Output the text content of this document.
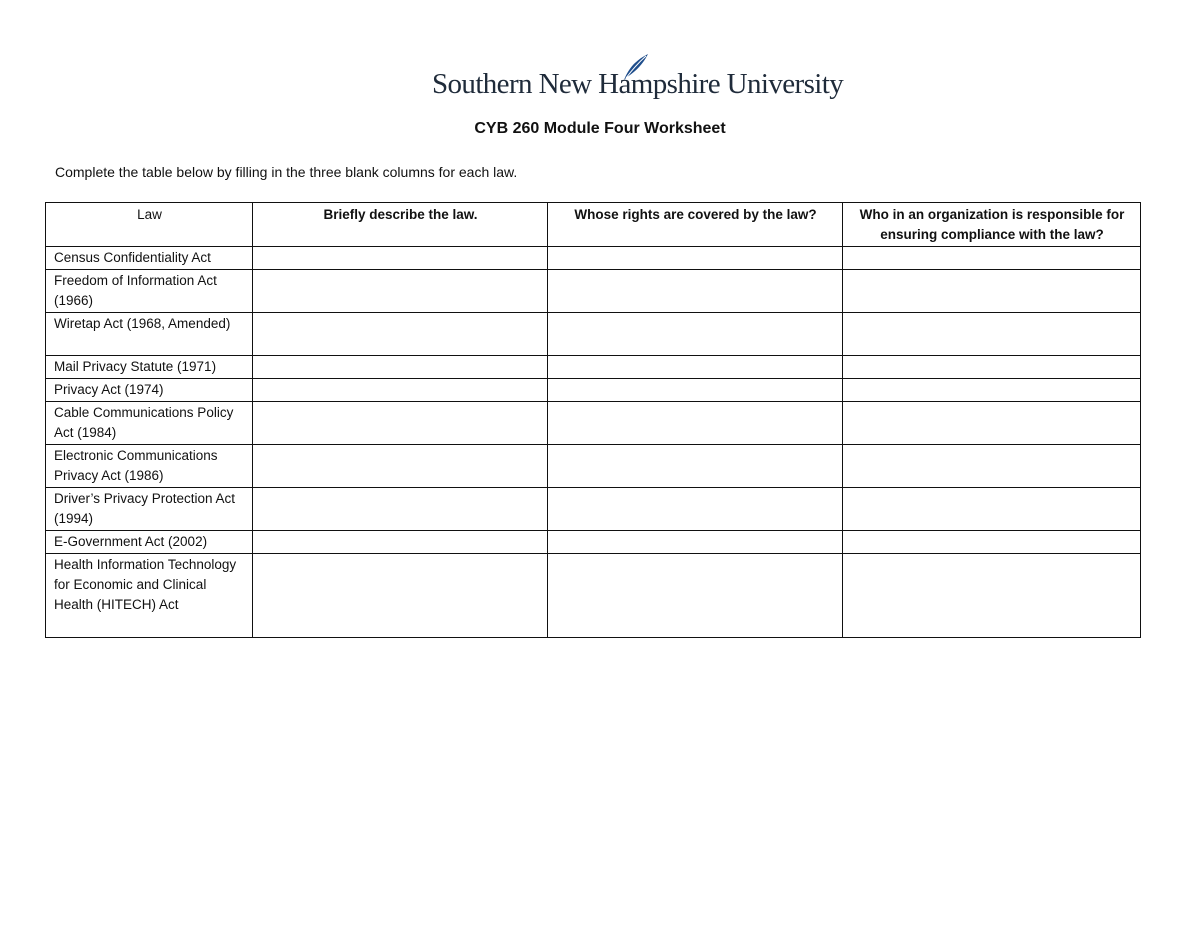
Southern New Hampshire University
CYB 260 Module Four Worksheet
Complete the table below by filling in the three blank columns for each law.
Law	Briefly describe the law.	Whose rights are covered by the law?	Who in an organization is responsible for ensuring compliance with the law?
Census Confidentiality Act			
Freedom of Information Act (1966)			
Wiretap Act (1968, Amended)			
Mail Privacy Statute (1971)			
Privacy Act (1974)			
Cable Communications Policy Act (1984)			
Electronic Communications Privacy Act (1986)			
Driver’s Privacy Protection Act (1994)			
E-Government Act (2002)			
Health Information Technology for Economic and Clinical Health (HITECH) Act			
